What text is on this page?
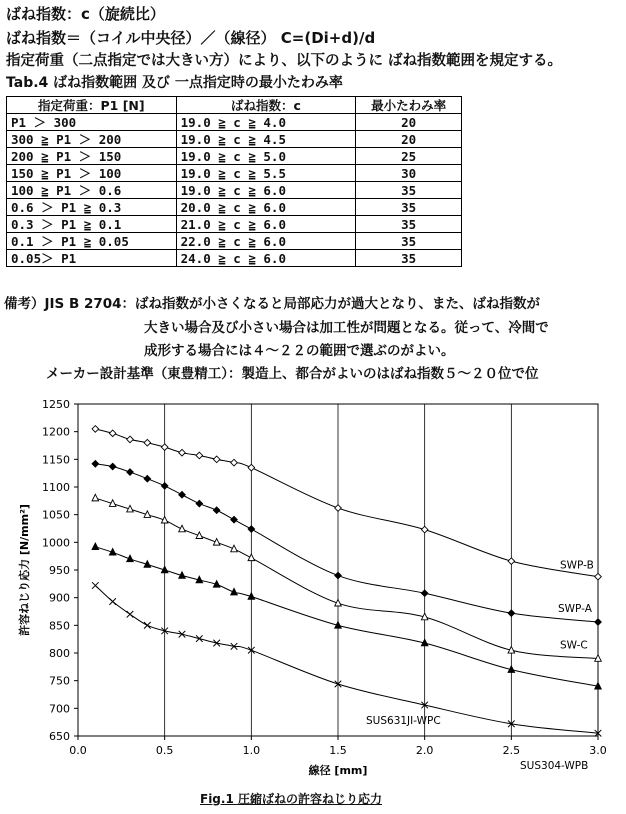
ばね指数：c（旋続比）
ばね指数＝（コイル中央径）／（線径） C=(Di+d)/d
指定荷重（二点指定では大きい方）により、以下のように ばね指数範囲を規定する。
Tab.4 ばね指数範囲 及び 一点指定時の最小たわみ率
指定荷重：P1 [N]	ばね指数：c	最小たわみ率
P1 ＞ 300	19.0 ≧ c ≧ 4.0	20
300 ≧ P1 ＞ 200	19.0 ≧ c ≧ 4.5	20
200 ≧ P1 ＞ 150	19.0 ≧ c ≧ 5.0	25
150 ≧ P1 ＞ 100	19.0 ≧ c ≧ 5.5	30
100 ≧ P1 ＞ 0.6	19.0 ≧ c ≧ 6.0	35
0.6 ＞ P1 ≧ 0.3	20.0 ≧ c ≧ 6.0	35
0.3 ＞ P1 ≧ 0.1	21.0 ≧ c ≧ 6.0	35
0.1 ＞ P1 ≧ 0.05	22.0 ≧ c ≧ 6.0	35
0.05＞ P1	24.0 ≧ c ≧ 6.0	35
備考）JIS B 2704：ばね指数が小さくなると局部応力が過大となり、また、ばね指数が
大きい場合及び小さい場合は加工性が問題となる。従って、冷間で
成形する場合には４～２２の範囲で選ぶのがよい。
メーカー設計基準（東豊精工）：製造上、都合がよいのはばね指数５～２０位で位
650
700
750
800
850
900
950
1000
1050
1100
1150
1200
1250
0.0	0.5	1.0	1.5	2.0	2.5	3.0
線径 [mm]
許容ねじり応力 [N/mm²]	SWP-B
SWP-A
SW-C
SUS631JI-WPC
SUS304-WPB
Fig.1 圧縮ばねの許容ねじり応力
